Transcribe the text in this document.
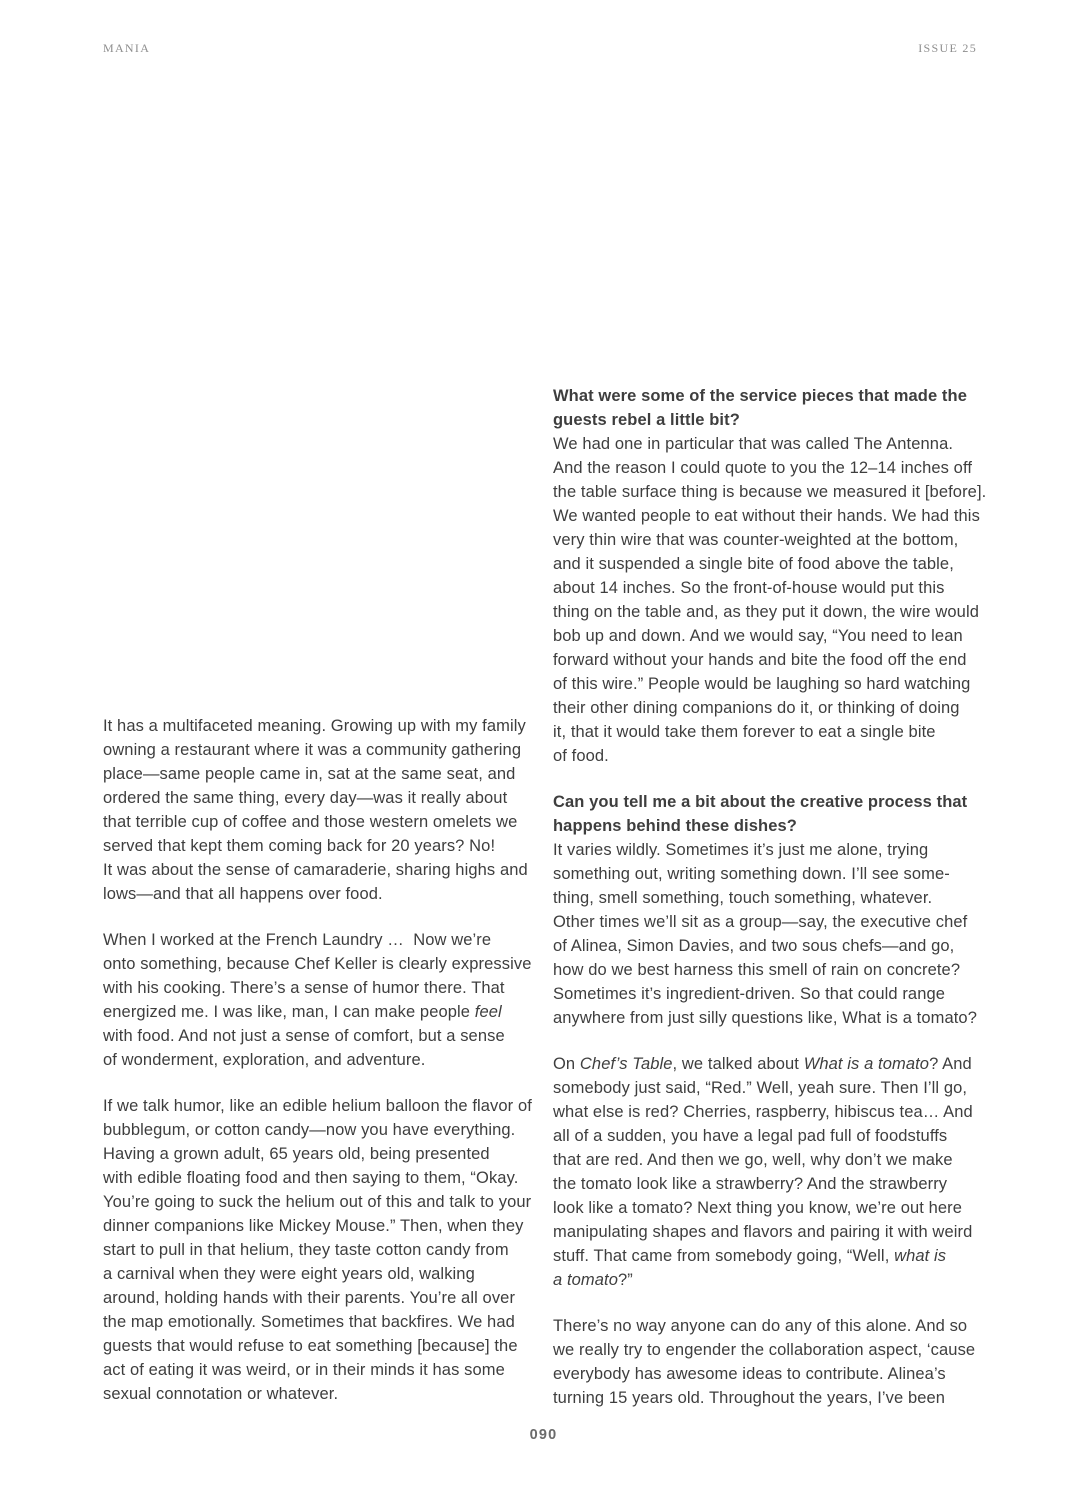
MANIA	ISSUE 25
It has a multifaceted meaning. Growing up with my family
owning a restaurant where it was a community gathering
place—same people came in, sat at the same seat, and
ordered the same thing, every day—was it really about
that terrible cup of coffee and those western omelets we
served that kept them coming back for 20 years? No!
It was about the sense of camaraderie, sharing highs and
lows—and that all happens over food.
When I worked at the French Laundry …  Now we’re
onto something, because Chef Keller is clearly expressive
with his cooking. There’s a sense of humor there. That
energized me. I was like, man, I can make people feel
with food. And not just a sense of comfort, but a sense
of wonderment, exploration, and adventure.
If we talk humor, like an edible helium balloon the flavor of
bubblegum, or cotton candy—now you have everything.
Having a grown adult, 65 years old, being presented
with edible floating food and then saying to them, “Okay.
You’re going to suck the helium out of this and talk to your
dinner companions like Mickey Mouse.” Then, when they
start to pull in that helium, they taste cotton candy from
a carnival when they were eight years old, walking
around, holding hands with their parents. You’re all over
the map emotionally. Sometimes that backfires. We had
guests that would refuse to eat something [because] the
act of eating it was weird, or in their minds it has some
sexual connotation or whatever.
What were some of the service pieces that made the
guests rebel a little bit?
We had one in particular that was called The Antenna.
And the reason I could quote to you the 12–14 inches off
the table surface thing is because we measured it [before].
We wanted people to eat without their hands. We had this
very thin wire that was counter-weighted at the bottom,
and it suspended a single bite of food above the table,
about 14 inches. So the front-of-house would put this
thing on the table and, as they put it down, the wire would
bob up and down. And we would say, “You need to lean
forward without your hands and bite the food off the end
of this wire.” People would be laughing so hard watching
their other dining companions do it, or thinking of doing
it, that it would take them forever to eat a single bite
of food.
Can you tell me a bit about the creative process that
happens behind these dishes?
It varies wildly. Sometimes it’s just me alone, trying
something out, writing something down. I’ll see some-
thing, smell something, touch something, whatever.
Other times we’ll sit as a group—say, the executive chef
of Alinea, Simon Davies, and two sous chefs—and go,
how do we best harness this smell of rain on concrete?
Sometimes it’s ingredient-driven. So that could range
anywhere from just silly questions like, What is a tomato?
On Chef’s Table, we talked about What is a tomato? And
somebody just said, “Red.” Well, yeah sure. Then I’ll go,
what else is red? Cherries, raspberry, hibiscus tea… And
all of a sudden, you have a legal pad full of foodstuffs
that are red. And then we go, well, why don’t we make
the tomato look like a strawberry? And the strawberry
look like a tomato? Next thing you know, we’re out here
manipulating shapes and flavors and pairing it with weird
stuff. That came from somebody going, “Well, what is
a tomato?”
There’s no way anyone can do any of this alone. And so
we really try to engender the collaboration aspect, ‘cause
everybody has awesome ideas to contribute. Alinea’s
turning 15 years old. Throughout the years, I’ve been
090
